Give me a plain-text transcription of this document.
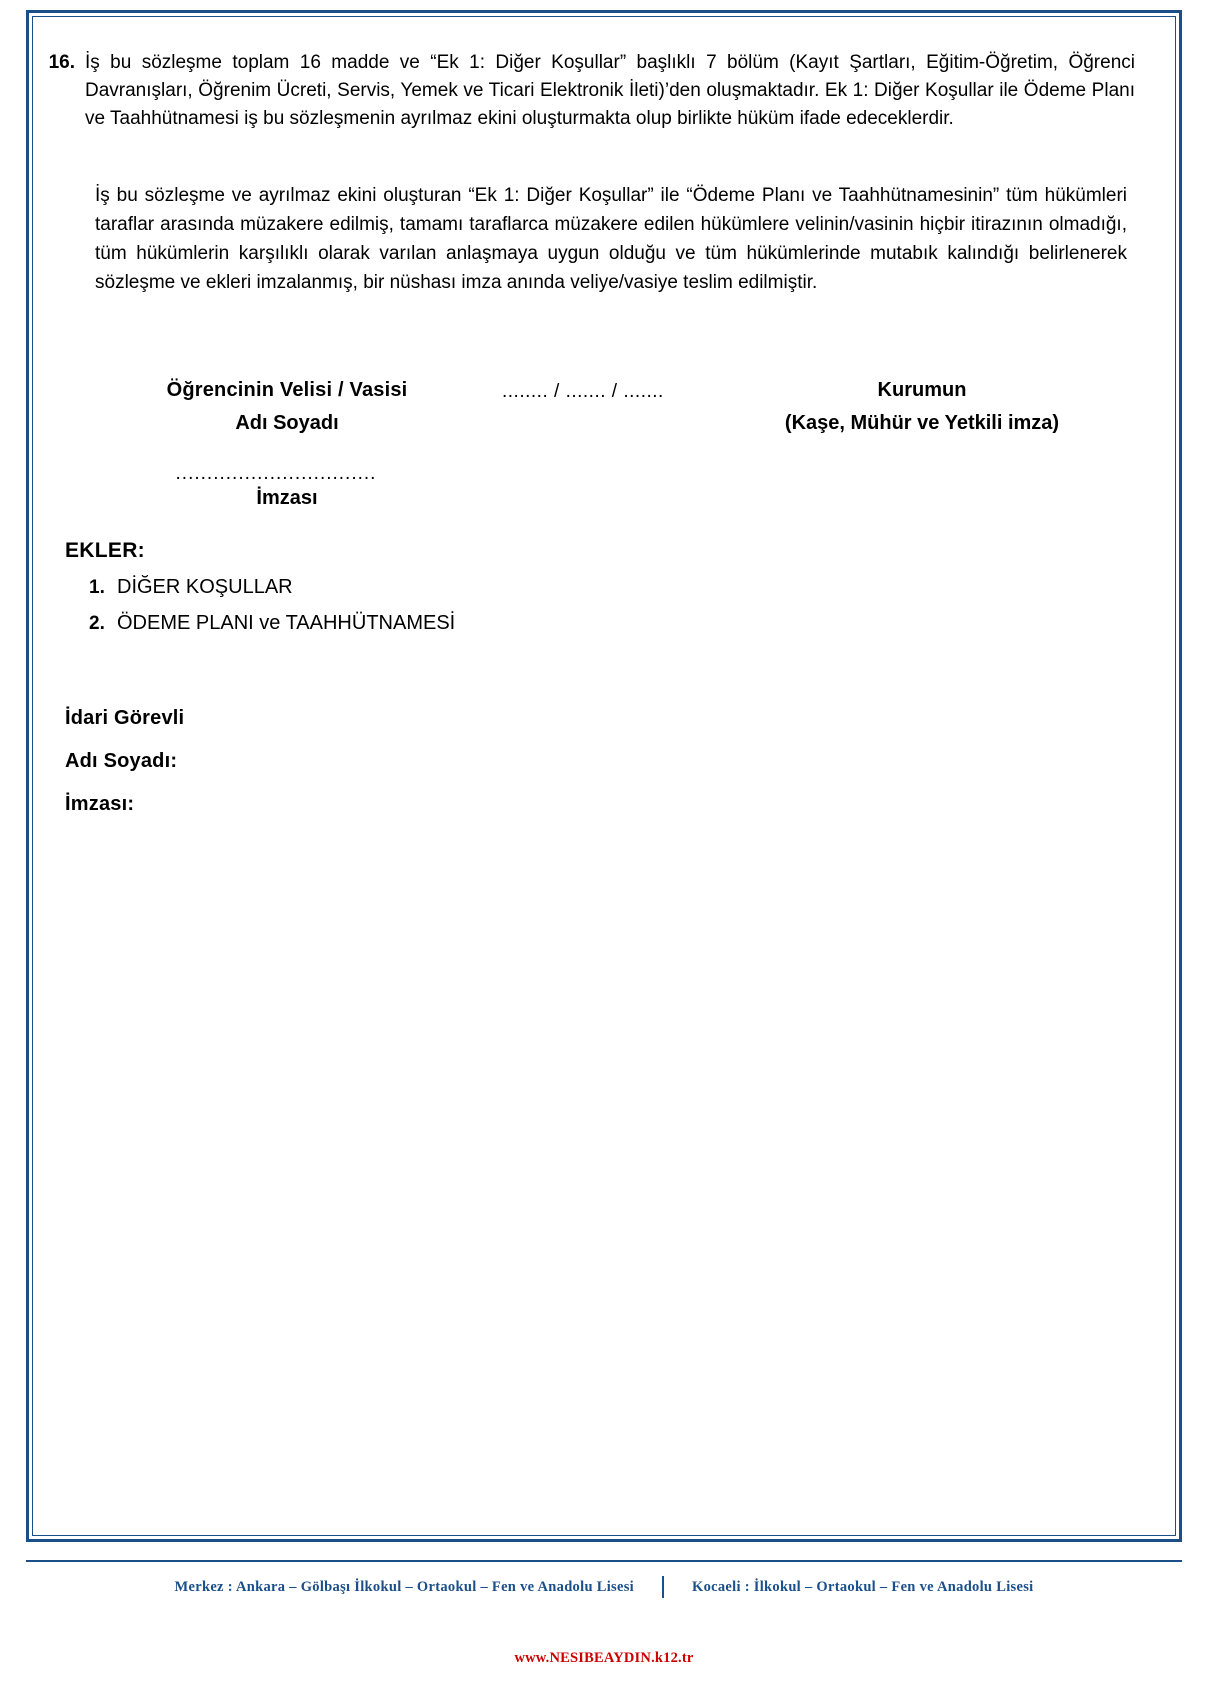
16. İş bu sözleşme toplam 16 madde ve “Ek 1: Diğer Koşullar” başlıklı 7 bölüm (Kayıt Şartları, Eğitim-Öğretim, Öğrenci Davranışları, Öğrenim Ücreti, Servis, Yemek ve Ticari Elektronik İleti)’den oluşmaktadır. Ek 1: Diğer Koşullar ile Ödeme Planı ve Taahhütnamesi iş bu sözleşmenin ayrılmaz ekini oluşturmakta olup birlikte hüküm ifade edeceklerdir.
İş bu sözleşme ve ayrılmaz ekini oluşturan “Ek 1: Diğer Koşullar” ile “Ödeme Planı ve Taahhütnamesinin” tüm hükümleri taraflar arasında müzakere edilmiş, tamamı taraflarca müzakere edilen hükümlere velinin/vasinin hiçbir itirazının olmadığı, tüm hükümlerin karşılıklı olarak varılan anlaşmaya uygun olduğu ve tüm hükümlerinde mutabık kalındığı belirlenerek sözleşme ve ekleri imzalanmış, bir nüshası imza anında veliye/vasiye teslim edilmiştir.
Öğrencinin Velisi / Vasisi
Adı Soyadı
................................
İmzası
........ / ....... / .......	Kurumun
(Kaşe, Mühür ve Yetkili imza)
EKLER:
1. DİĞER KOŞULLAR
2. ÖDEME PLANI ve TAAHHÜTNAMESİ
İdari Görevli
Adı Soyadı:
İmzası:
Merkez : Ankara – Gölbaşı İlkokul – Ortaokul – Fen ve Anadolu Lisesi	Kocaeli : İlkokul – Ortaokul – Fen ve Anadolu Lisesi
www.NESIBEAYDIN.k12.tr
